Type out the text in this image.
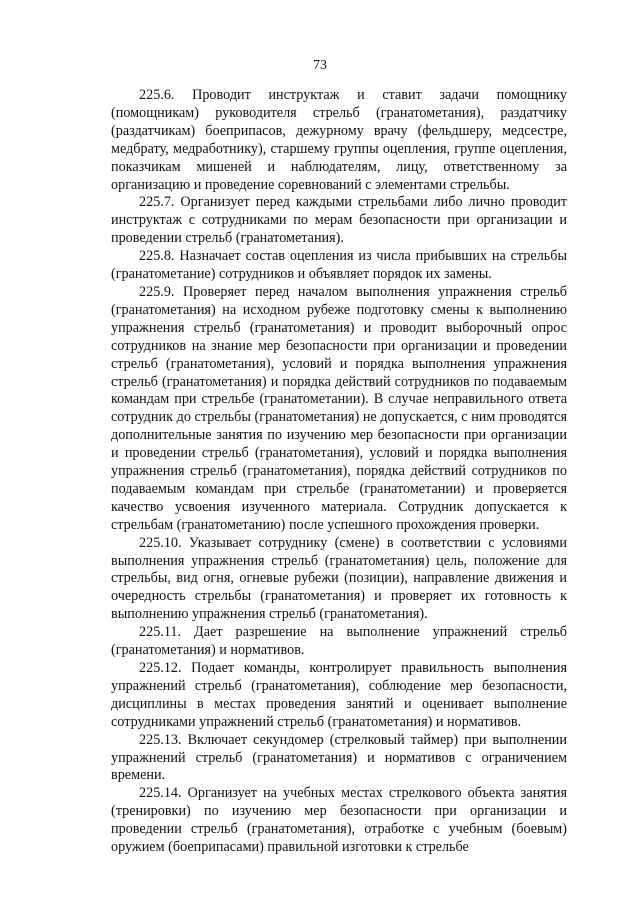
73

225.6. Проводит инструктаж и ставит задачи помощнику (помощникам) руководителя стрельб (гранатометания), раздатчику (раздатчикам) боеприпасов, дежурному врачу (фельдшеру, медсестре, медбрату, медработнику), старшему группы оцепления, группе оцепления, показчикам мишеней и наблюдателям, лицу, ответственному за организацию и проведение соревнований с элементами стрельбы.

225.7. Организует перед каждыми стрельбами либо лично проводит инструктаж с сотрудниками по мерам безопасности при организации и проведении стрельб (гранатометания).

225.8. Назначает состав оцепления из числа прибывших на стрельбы (гранатометание) сотрудников и объявляет порядок их замены.

225.9. Проверяет перед началом выполнения упражнения стрельб (гранатометания) на исходном рубеже подготовку смены к выполнению упражнения стрельб (гранатометания) и проводит выборочный опрос сотрудников на знание мер безопасности при организации и проведении стрельб (гранатометания), условий и порядка выполнения упражнения стрельб (гранатометания) и порядка действий сотрудников по подаваемым командам при стрельбе (гранатометании). В случае неправильного ответа сотрудник до стрельбы (гранатометания) не допускается, с ним проводятся дополнительные занятия по изучению мер безопасности при организации и проведении стрельб (гранатометания), условий и порядка выполнения упражнения стрельб (гранатометания), порядка действий сотрудников по подаваемым командам при стрельбе (гранатометании) и проверяется качество усвоения изученного материала. Сотрудник допускается к стрельбам (гранатометанию) после успешного прохождения проверки.

225.10. Указывает сотруднику (смене) в соответствии с условиями выполнения упражнения стрельб (гранатометания) цель, положение для стрельбы, вид огня, огневые рубежи (позиции), направление движения и очередность стрельбы (гранатометания) и проверяет их готовность к выполнению упражнения стрельб (гранатометания).

225.11. Дает разрешение на выполнение упражнений стрельб (гранатометания) и нормативов.

225.12. Подает команды, контролирует правильность выполнения упражнений стрельб (гранатометания), соблюдение мер безопасности, дисциплины в местах проведения занятий и оценивает выполнение сотрудниками упражнений стрельб (гранатометания) и нормативов.

225.13. Включает секундомер (стрелковый таймер) при выполнении упражнений стрельб (гранатометания) и нормативов с ограничением времени.

225.14. Организует на учебных местах стрелкового объекта занятия (тренировки) по изучению мер безопасности при организации и проведении стрельб (гранатометания), отработке с учебным (боевым) оружием (боеприпасами) правильной изготовки к стрельбе
